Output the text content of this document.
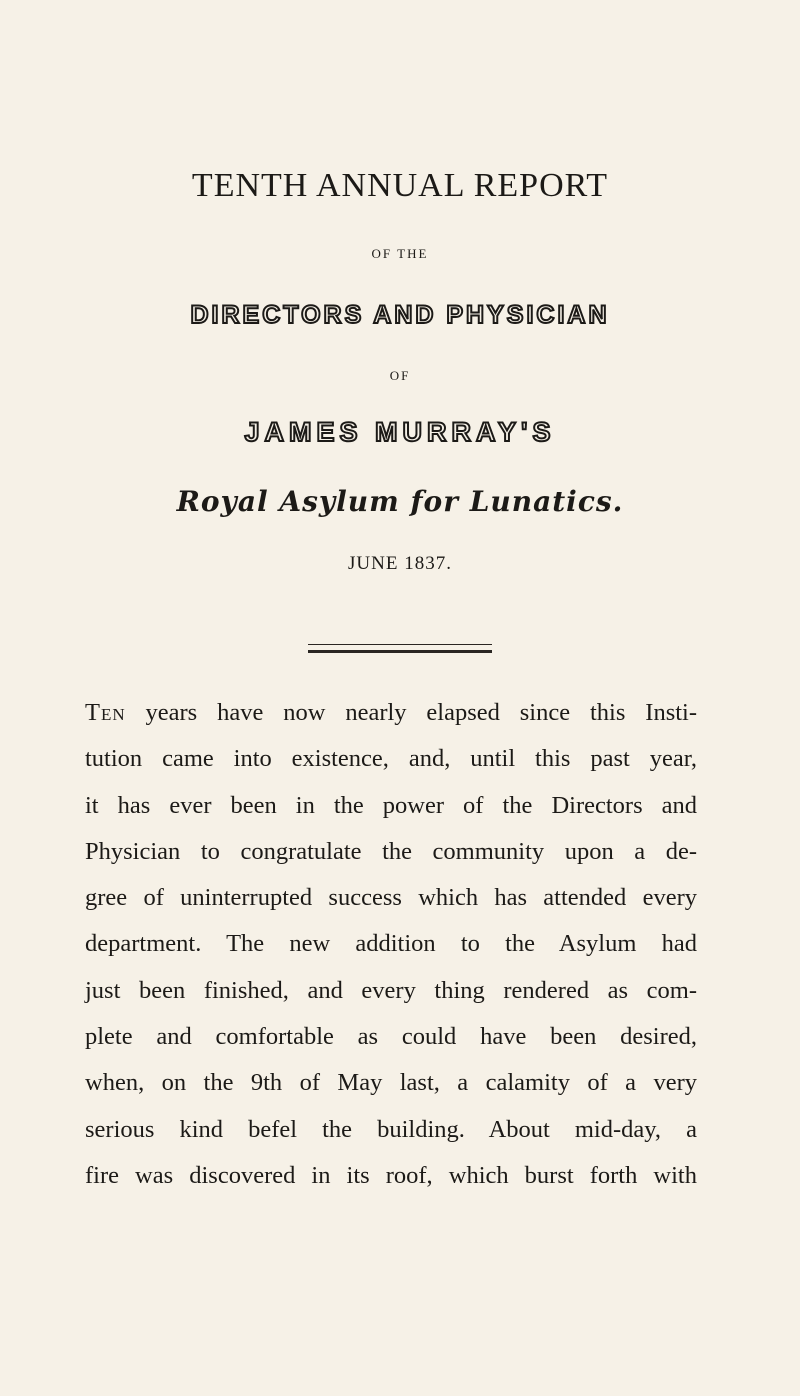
TENTH ANNUAL REPORT
OF THE
DIRECTORS AND PHYSICIAN
OF
JAMES MURRAY'S
Royal Asylum for Lunatics.
JUNE 1837.
Ten years have now nearly elapsed since this Insti-
tution came into existence, and, until this past year,
it has ever been in the power of the Directors and
Physician to congratulate the community upon a de-
gree of uninterrupted success which has attended every
department. The new addition to the Asylum had
just been finished, and every thing rendered as com-
plete and comfortable as could have been desired,
when, on the 9th of May last, a calamity of a very
serious kind befel the building. About mid-day, a
fire was discovered in its roof, which burst forth with
